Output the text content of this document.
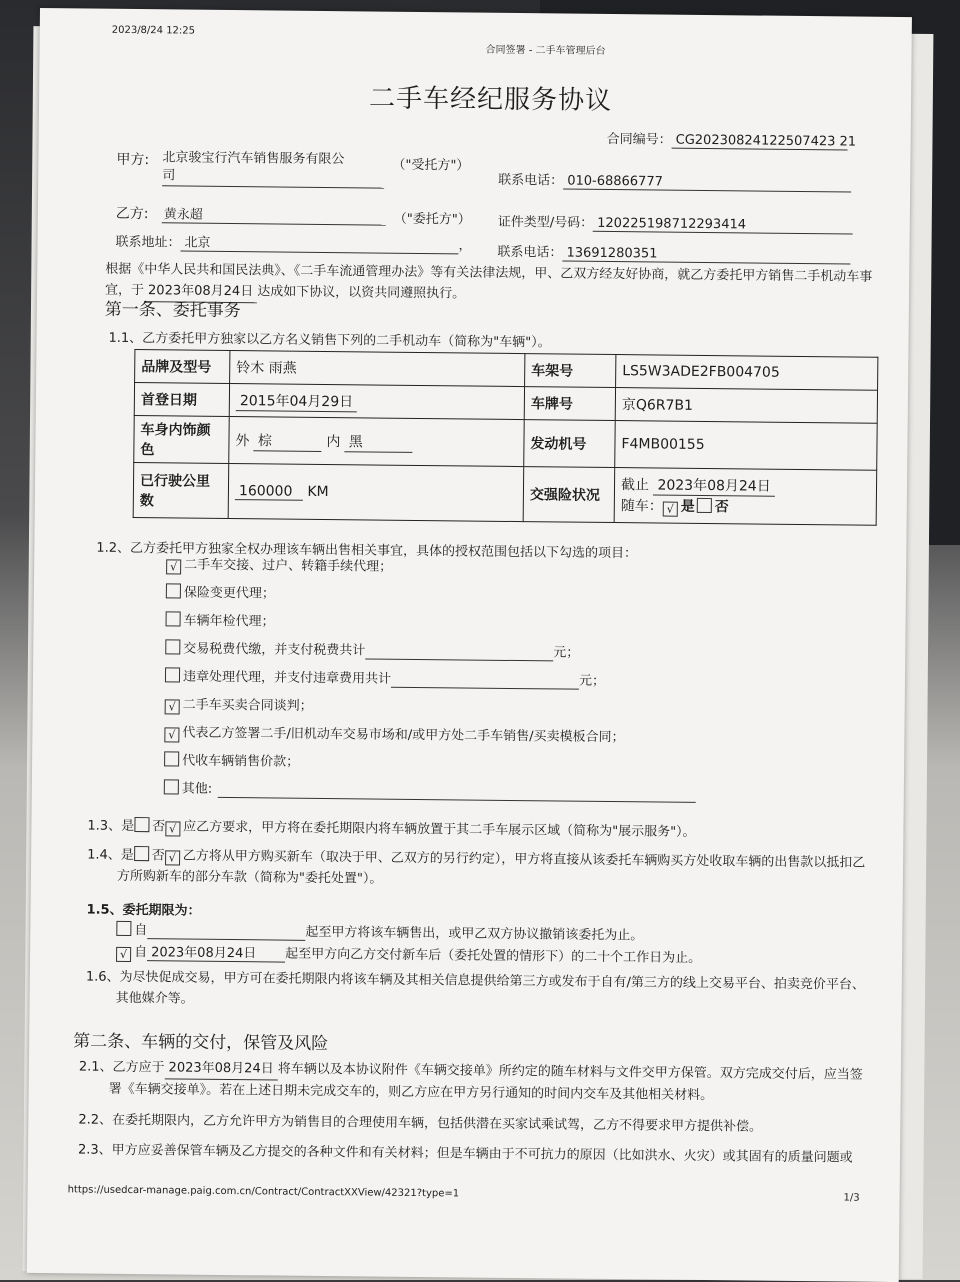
2023/8/24 12:25
合同签署 - 二手车管理后台
二手车经纪服务协议
合同编号： CG20230824122507423 21
甲方: 北京骏宝行汽车销售服务有限公
司
（"受托方"）
联系电话： 010-68866777
乙方: 黄永超	（"委托方"） 证件类型/号码： 120225198712293414
联系地址： 北京	， 联系电话： 13691280351
根据《中华人民共和国民法典》、《二手车流通管理办法》等有关法律法规，甲、乙双方经友好协商，就乙方委托甲方销售二手机动车事
宜，于 2023年08月24日 达成如下协议，以资共同遵照执行。
第一条、委托事务
1.1、乙方委托甲方独家以乙方名义销售下列的二手机动车（简称为"车辆"）。
品牌及型号	铃木 雨燕	车架号	LS5W3ADE2FB004705
首登日期	2015年04月29日	车牌号	京Q6R7B1
车身内饰颜色	外 棕 内 黑	发动机号	F4MB00155
已行驶公里数	160000 KM	交强险状况	截止 2023年08月24日
随车： √ 是 否
1.2、乙方委托甲方独家全权办理该车辆出售相关事宜，具体的授权范围包括以下勾选的项目：
√ 二手车交接、过户、转籍手续代理；
保险变更代理；
车辆年检代理；
交易税费代缴，并支付税费共计	元；
违章处理代理，并支付违章费用共计	元；
√ 二手车买卖合同谈判；
√ 代表乙方签署二手/旧机动车交易市场和/或甲方处二手车销售/买卖模板合同；
代收车辆销售价款；
其他:
1.3、是 否 √ 应乙方要求，甲方将在委托期限内将车辆放置于其二手车展示区域（简称为"展示服务"）。
1.4、是 否 √ 乙方将从甲方购买新车（取决于甲、乙双方的另行约定），甲方将直接从该委托车辆购买方处收取车辆的出售款以抵扣乙
方所购新车的部分车款（简称为"委托处置"）。
1.5、委托期限为：
自	起至甲方将该车辆售出，或甲乙双方协议撤销该委托为止。
√ 自 2023年08月24日 起至甲方向乙方交付新车后（委托处置的情形下）的二十个工作日为止。
1.6、为尽快促成交易，甲方可在委托期限内将该车辆及其相关信息提供给第三方或发布于自有/第三方的线上交易平台、拍卖竞价平台、
其他媒介等。
第二条、车辆的交付，保管及风险
2.1、乙方应于 2023年08月24日 将车辆以及本协议附件《车辆交接单》所约定的随车材料与文件交甲方保管。双方完成交付后，应当签
署《车辆交接单》。若在上述日期未完成交车的，则乙方应在甲方另行通知的时间内交车及其他相关材料。
2.2、在委托期限内，乙方允许甲方为销售目的合理使用车辆，包括供潜在买家试乘试驾，乙方不得要求甲方提供补偿。
2.3、甲方应妥善保管车辆及乙方提交的各种文件和有关材料；但是车辆由于不可抗力的原因（比如洪水、火灾）或其固有的质量问题或
https://usedcar-manage.paig.com.cn/Contract/ContractXXView/42321?type=1	1/3
